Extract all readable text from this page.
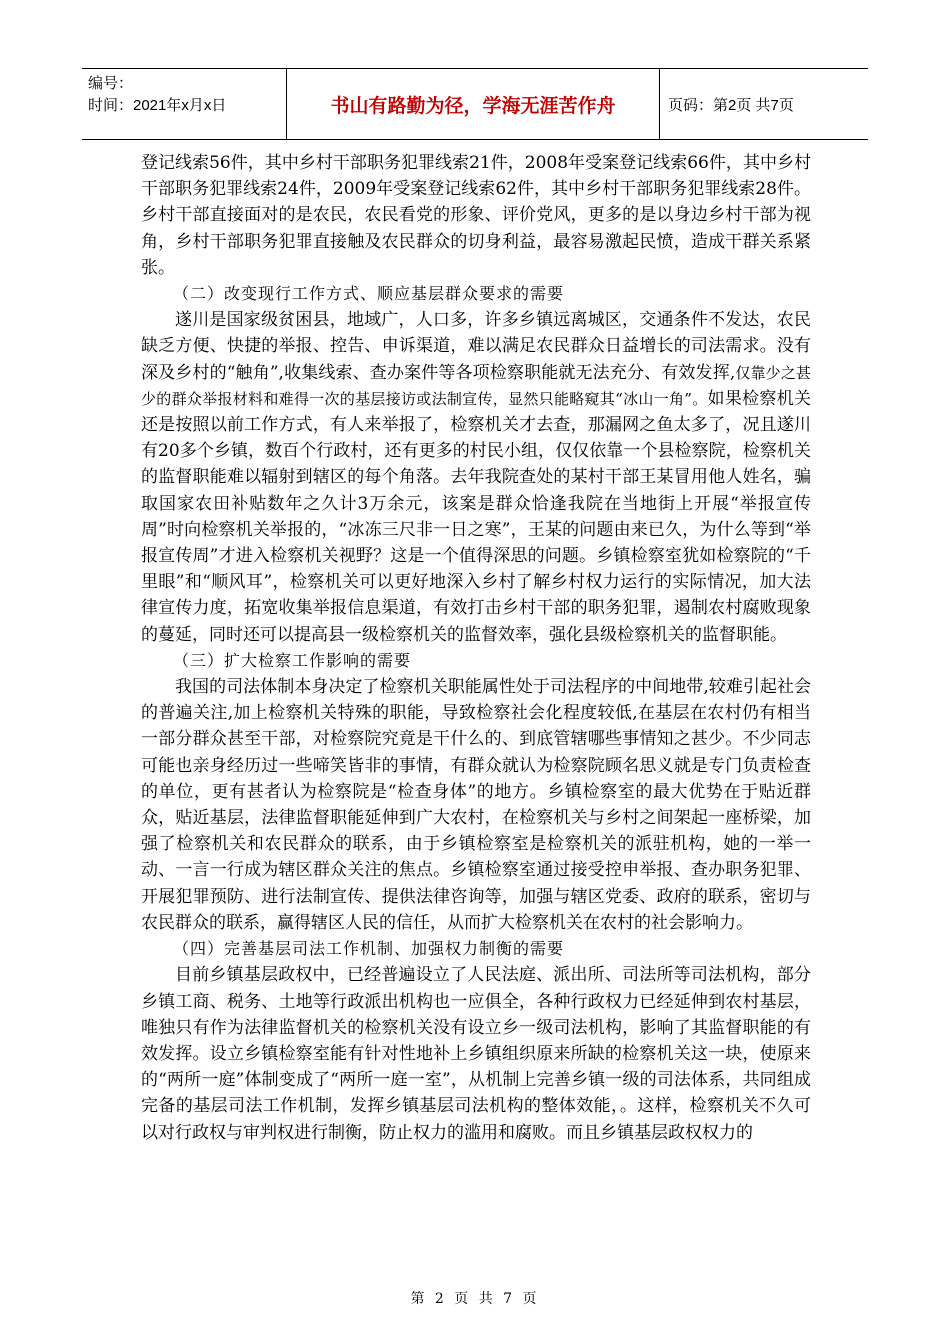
编号：
时间：2021年x月x日	书山有路勤为径，学海无涯苦作舟	页码：第2页 共7页

登记线索56件，其中乡村干部职务犯罪线索21件，2008年受案登记线索66件，其中乡村干部职务犯罪线索24件，2009年受案登记线索62件，其中乡村干部职务犯罪线索28件。乡村干部直接面对的是农民，农民看党的形象、评价党风，更多的是以身边乡村干部为视角，乡村干部职务犯罪直接触及农民群众的切身利益，最容易激起民愤，造成干群关系紧张。

（二）改变现行工作方式、顺应基层群众要求的需要

遂川是国家级贫困县，地域广，人口多，许多乡镇远离城区，交通条件不发达，农民缺乏方便、快捷的举报、控告、申诉渠道，难以满足农民群众日益增长的司法需求。没有深及乡村的“触角”,收集线索、查办案件等各项检察职能就无法充分、有效发挥,仅靠少之甚少的群众举报材料和难得一次的基层接访或法制宣传，显然只能略窥其“冰山一角”。如果检察机关还是按照以前工作方式，有人来举报了，检察机关才去查，那漏网之鱼太多了，况且遂川有20多个乡镇，数百个行政村，还有更多的村民小组，仅仅依靠一个县检察院，检察机关的监督职能难以辐射到辖区的每个角落。去年我院查处的某村干部王某冒用他人姓名，骗取国家农田补贴数年之久计3万余元，该案是群众恰逢我院在当地街上开展“举报宣传周”时向检察机关举报的，“冰冻三尺非一日之寒”，王某的问题由来已久，为什么等到“举报宣传周”才进入检察机关视野？这是一个值得深思的问题。乡镇检察室犹如检察院的“千里眼”和“顺风耳”，检察机关可以更好地深入乡村了解乡村权力运行的实际情况，加大法律宣传力度，拓宽收集举报信息渠道，有效打击乡村干部的职务犯罪，遏制农村腐败现象的蔓延，同时还可以提高县一级检察机关的监督效率，强化县级检察机关的监督职能。

（三）扩大检察工作影响的需要

我国的司法体制本身决定了检察机关职能属性处于司法程序的中间地带,较难引起社会的普遍关注,加上检察机关特殊的职能，导致检察社会化程度较低,在基层在农村仍有相当一部分群众甚至干部，对检察院究竟是干什么的、到底管辖哪些事情知之甚少。不少同志可能也亲身经历过一些啼笑皆非的事情，有群众就认为检察院顾名思义就是专门负责检查的单位，更有甚者认为检察院是“检查身体”的地方。乡镇检察室的最大优势在于贴近群众，贴近基层，法律监督职能延伸到广大农村，在检察机关与乡村之间架起一座桥梁，加强了检察机关和农民群众的联系，由于乡镇检察室是检察机关的派驻机构，她的一举一动、一言一行成为辖区群众关注的焦点。乡镇检察室通过接受控申举报、查办职务犯罪、开展犯罪预防、进行法制宣传、提供法律咨询等，加强与辖区党委、政府的联系，密切与农民群众的联系，赢得辖区人民的信任，从而扩大检察机关在农村的社会影响力。

（四）完善基层司法工作机制、加强权力制衡的需要

目前乡镇基层政权中，已经普遍设立了人民法庭、派出所、司法所等司法机构，部分乡镇工商、税务、土地等行政派出机构也一应俱全，各种行政权力已经延伸到农村基层，唯独只有作为法律监督机关的检察机关没有设立乡一级司法机构，影响了其监督职能的有效发挥。设立乡镇检察室能有针对性地补上乡镇组织原来所缺的检察机关这一块，使原来的“两所一庭”体制变成了“两所一庭一室”，从机制上完善乡镇一级的司法体系，共同组成完备的基层司法工作机制，发挥乡镇基层司法机构的整体效能，。这样，检察机关不久可以对行政权与审判权进行制衡，防止权力的滥用和腐败。而且乡镇基层政权权力的

第 2 页 共 7 页
